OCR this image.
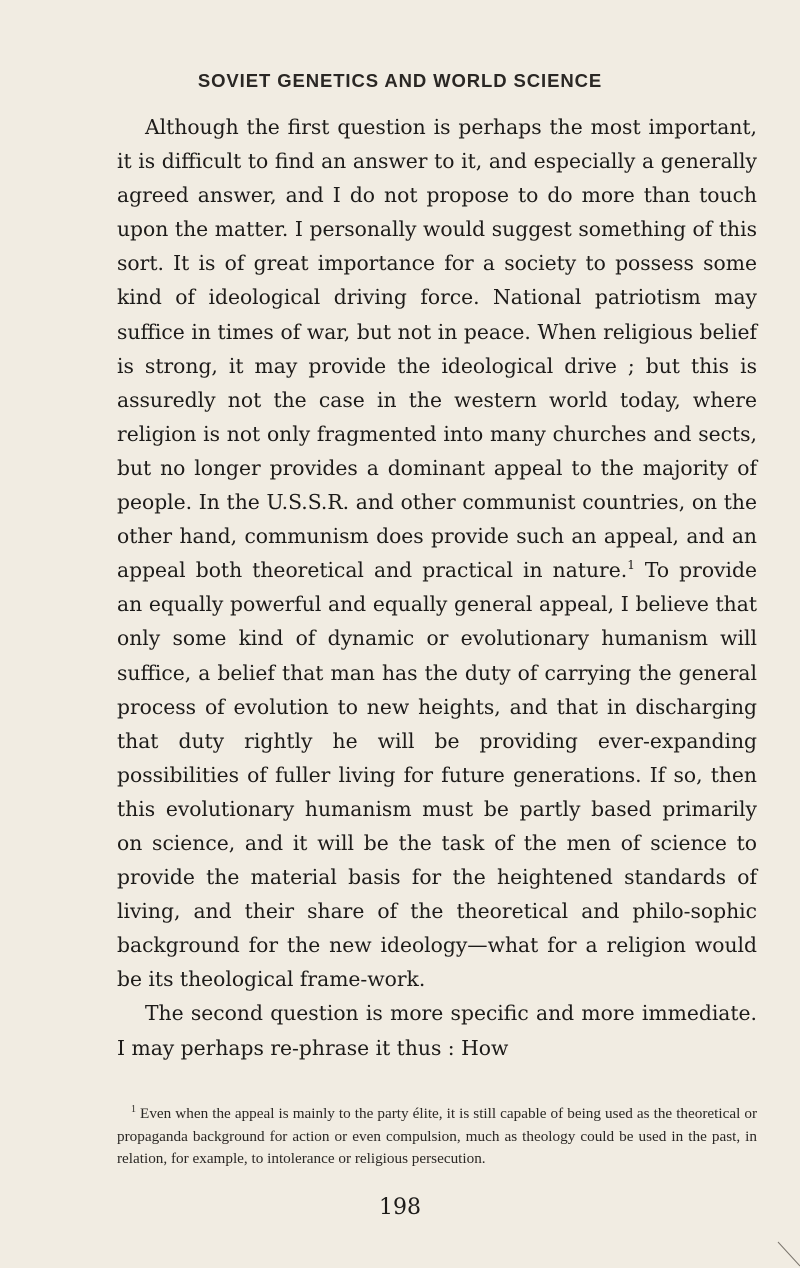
SOVIET GENETICS AND WORLD SCIENCE

Although the first question is perhaps the most important, it is difficult to find an answer to it, and especially a generally agreed answer, and I do not propose to do more than touch upon the matter. I personally would suggest something of this sort. It is of great importance for a society to possess some kind of ideological driving force. National patriotism may suffice in times of war, but not in peace. When religious belief is strong, it may provide the ideological drive ; but this is assuredly not the case in the western world today, where religion is not only fragmented into many churches and sects, but no longer provides a dominant appeal to the majority of people. In the U.S.S.R. and other communist countries, on the other hand, communism does provide such an appeal, and an appeal both theoretical and practical in nature.$^1$ To provide an equally powerful and equally general appeal, I believe that only some kind of dynamic or evolutionary humanism will suffice, a belief that man has the duty of carrying the general process of evolution to new heights, and that in discharging that duty rightly he will be providing ever-expanding possibilities of fuller living for future generations. If so, then this evolutionary humanism must be partly based primarily on science, and it will be the task of the men of science to provide the material basis for the heightened standards of living, and their share of the theoretical and philo-sophic background for the new ideology—what for a religion would be its theological frame-work.

The second question is more specific and more immediate. I may perhaps re-phrase it thus : How

$^1$ Even when the appeal is mainly to the party élite, it is still capable of being used as the theoretical or propaganda background for action or even compulsion, much as theology could be used in the past, in relation, for example, to intolerance or religious persecution.

198
